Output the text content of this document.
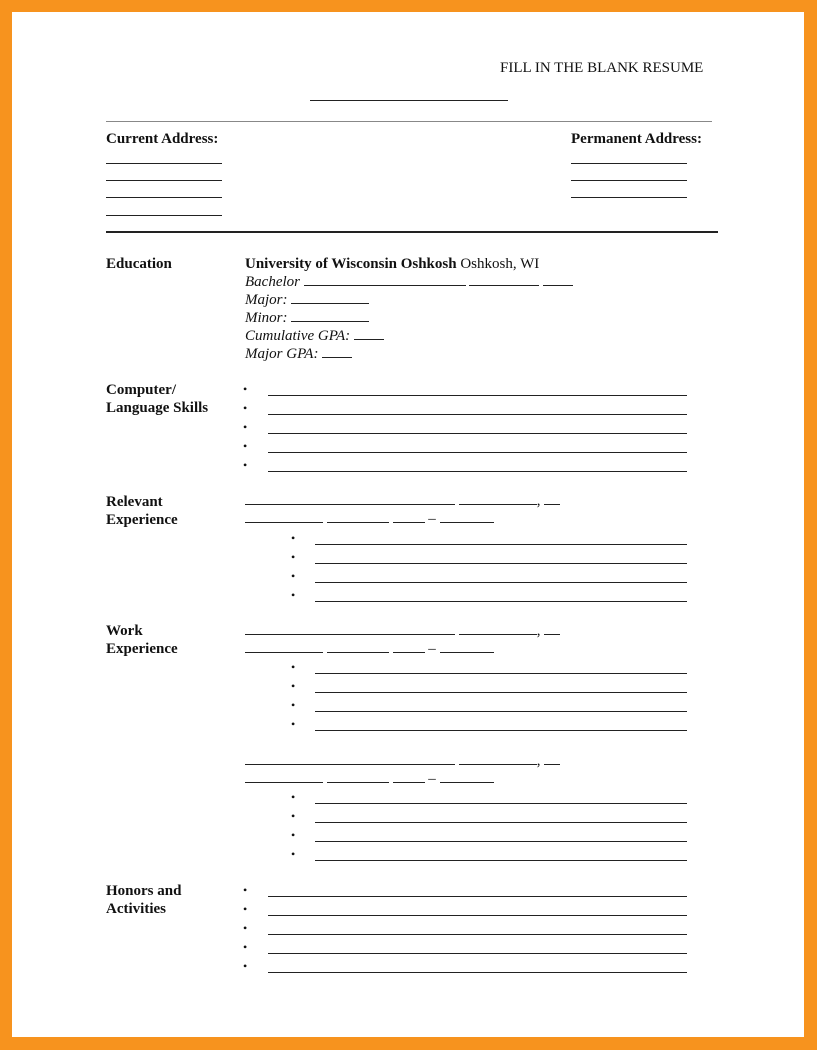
FILL IN THE BLANK RESUME
Current Address:	Permanent Address:
Education	University of Wisconsin Oshkosh Oshkosh, WI
Bachelor
Major:
Minor:
Cumulative GPA:
Major GPA:
Computer/
Language Skills
•
•
•
•
•
Relevant
Experience
,
–
•
•
•
•
Work
Experience
,
–
•
•
•
•
,
–
•
•
•
•
Honors and
Activities
•
•
•
•
•
